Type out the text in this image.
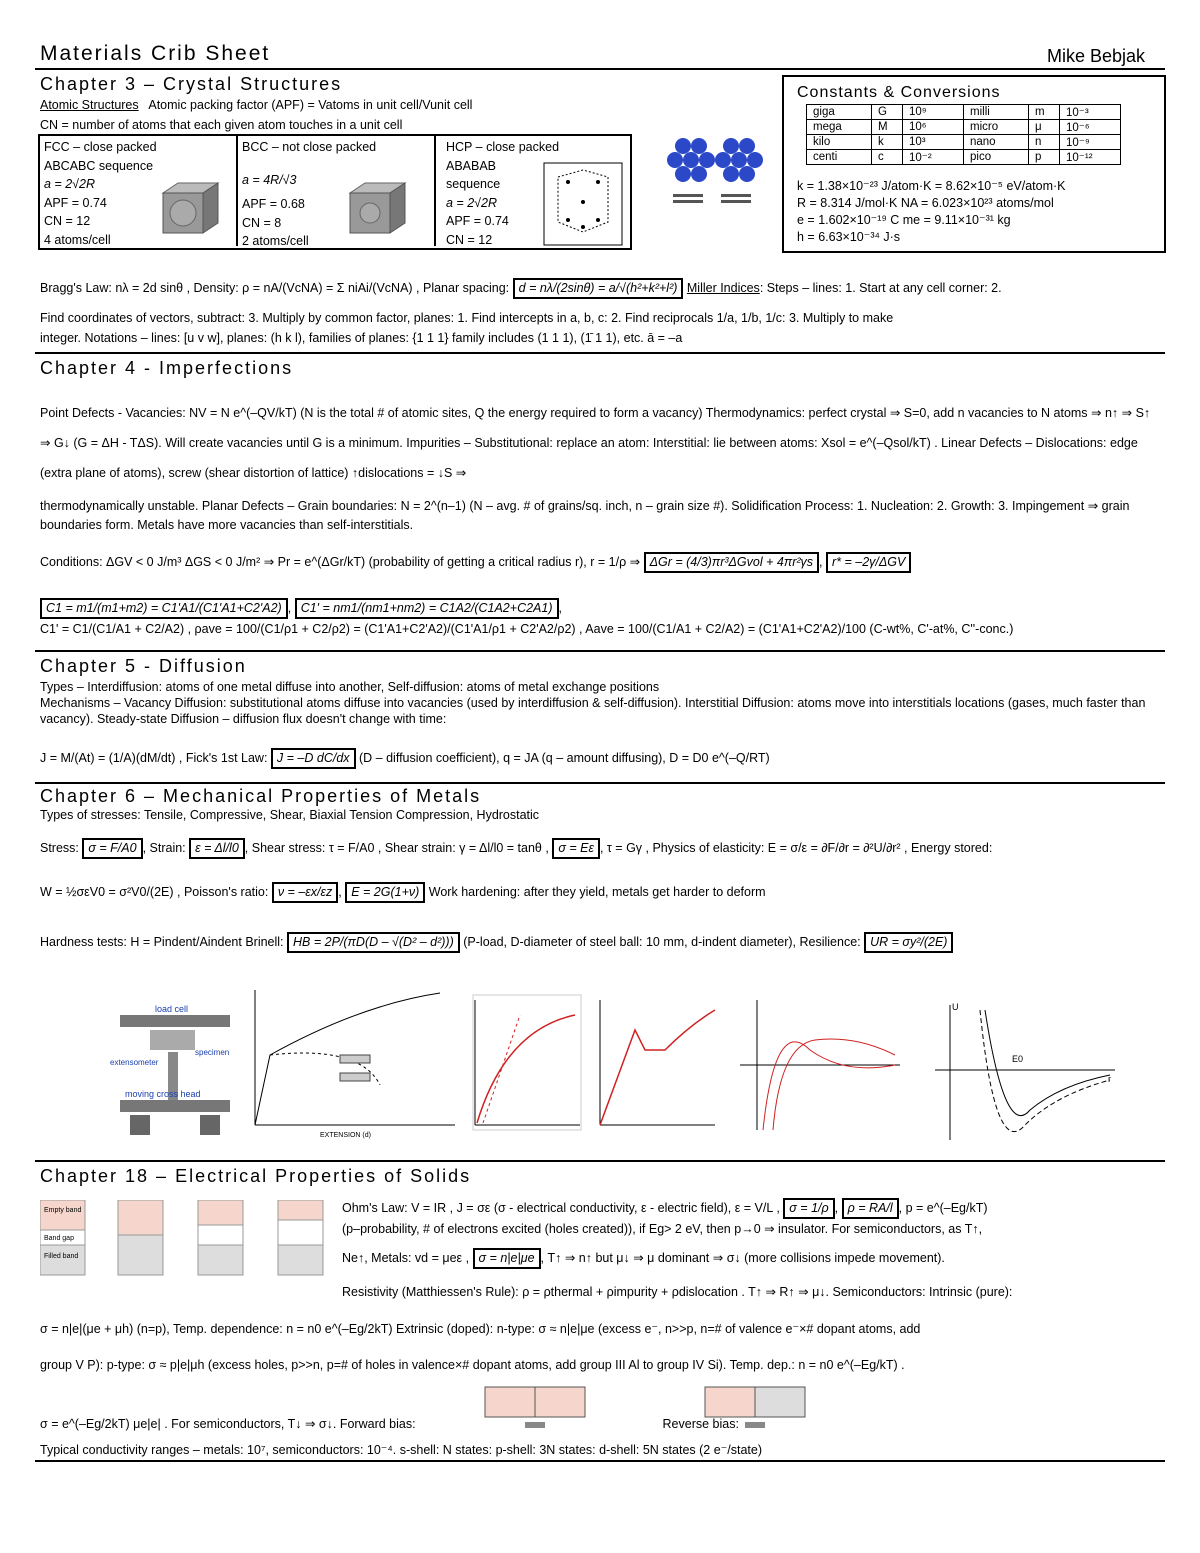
Materials Crib Sheet	Mike Bebjak
Chapter 3 – Crystal Structures
Atomic Structures Atomic packing factor (APF) = Vatoms in unit cell/Vunit cell
CN = number of atoms that each given atom touches in a unit cell
FCC – close packed
ABCABC sequence
a = 2√2R
APF = 0.74
CN = 12
4 atoms/cell
BCC – not close packed
a = 4R/√3
APF = 0.68
CN = 8
2 atoms/cell
HCP – close packed
ABABAB
sequence
a = 2√2R
APF = 0.74
CN = 12
Constants & Conversions
giga	G	10⁹	milli	m	10⁻³
mega	M	10⁶	micro	μ	10⁻⁶
kilo	k	10³	nano	n	10⁻⁹
centi	c	10⁻²	pico	p	10⁻¹²
k = 1.38×10⁻²³ J/atom·K = 8.62×10⁻⁵ eV/atom·K
R = 8.314 J/mol·K NA = 6.023×10²³ atoms/mol
e = 1.602×10⁻¹⁹ C me = 9.11×10⁻³¹ kg
h = 6.63×10⁻³⁴ J·s
Bragg's Law: nλ = 2d sinθ , Density: ρ = nA/(VcNA) = Σ niAi/(VcNA) , Planar spacing: d = nλ/(2sinθ) = a/√(h²+k²+l²) Miller Indices: Steps – lines: 1. Start at any cell corner: 2.
Find coordinates of vectors, subtract: 3. Multiply by common factor, planes: 1. Find intercepts in a, b, c: 2. Find reciprocals 1/a, 1/b, 1/c: 3. Multiply to make
integer. Notations – lines: [u v w], planes: (h k l), families of planes: {1 1 1} family includes (1 1 1), (1̄ 1 1), etc. ā = –a
Chapter 4 - Imperfections
Point Defects - Vacancies: NV = N e^(–QV/kT) (N is the total # of atomic sites, Q the energy required to form a vacancy) Thermodynamics: perfect crystal ⇒ S=0, add n vacancies to N atoms ⇒ n↑ ⇒ S↑ ⇒ G↓ (G = ΔH - TΔS). Will create vacancies until G is a minimum. Impurities – Substitutional: replace an atom: Interstitial: lie between atoms: Xsol = e^(–Qsol/kT) . Linear Defects – Dislocations: edge (extra plane of atoms), screw (shear distortion of lattice) ↑dislocations = ↓S ⇒
thermodynamically unstable. Planar Defects – Grain boundaries: N = 2^(n–1) (N – avg. # of grains/sq. inch, n – grain size #). Solidification Process: 1. Nucleation: 2. Growth: 3. Impingement ⇒ grain boundaries form. Metals have more vacancies than self-interstitials.
Conditions: ΔGV < 0 J/m³ ΔGS < 0 J/m² ⇒ Pr = e^(ΔGr/kT) (probability of getting a critical radius r), r = 1/ρ ⇒ ΔGr = (4/3)πr³ΔGvol + 4πr²γs , r* = –2γ/ΔGV
C1 = m1/(m1+m2) = C1'A1/(C1'A1+C2'A2) , C1' = nm1/(nm1+nm2) = C1A2/(C1A2+C2A1) ,
C1' = C1/(C1/A1 + C2/A2) , ρave = 100/(C1/ρ1 + C2/ρ2) = (C1'A1+C2'A2)/(C1'A1/ρ1 + C2'A2/ρ2) , Aave = 100/(C1/A1 + C2/A2) = (C1'A1+C2'A2)/100 (C-wt%, C'-at%, C''-conc.)
Chapter 5 - Diffusion
Types – Interdiffusion: atoms of one metal diffuse into another, Self-diffusion: atoms of metal exchange positions
Mechanisms – Vacancy Diffusion: substitutional atoms diffuse into vacancies (used by interdiffusion & self-diffusion). Interstitial Diffusion: atoms move into interstitials locations (gases, much faster than vacancy). Steady-state Diffusion – diffusion flux doesn't change with time:
J = M/(At) = (1/A)(dM/dt) , Fick's 1st Law: J = –D dC/dx (D – diffusion coefficient), q = JA (q – amount diffusing), D = D0 e^(–Q/RT)
Chapter 6 – Mechanical Properties of Metals
Types of stresses: Tensile, Compressive, Shear, Biaxial Tension Compression, Hydrostatic
Stress: σ = F/A0 , Strain: ε = Δl/l0 , Shear stress: τ = F/A0 , Shear strain: γ = Δl/l0 = tanθ , σ = Eε , τ = Gγ , Physics of elasticity: E = σ/ε = ∂F/∂r = ∂²U/∂r² , Energy stored:
W = ½σεV0 = σ²V0/(2E) , Poisson's ratio: ν = –εx/εz , E = 2G(1+ν) Work hardening: after they yield, metals get harder to deform
Hardness tests: H = Pindent/Aindent Brinell: HB = 2P/(πD(D – √(D² – d²))) (P-load, D-diameter of steel ball: 10 mm, d-indent diameter), Resilience: UR = σy²/(2E)
load cell
extensometer
specimen
moving cross head
EXTENSION (d)
U
r
E0
Chapter 18 – Electrical Properties of Solids
Empty band
Band gap
Filled band
Ohm's Law: V = IR , J = σε (σ - electrical conductivity, ε - electric field), ε = V/L , σ = 1/ρ , ρ = RA/l , p = e^(–Eg/kT)
(p–probability, # of electrons excited (holes created)), if Eg> 2 eV, then p→0 ⇒ insulator. For semiconductors, as T↑,
Ne↑, Metals: vd = μeε , σ = n|e|μe , T↑ ⇒ n↑ but μ↓ ⇒ μ dominant ⇒ σ↓ (more collisions impede movement).
Resistivity (Matthiessen's Rule): ρ = ρthermal + ρimpurity + ρdislocation . T↑ ⇒ R↑ ⇒ μ↓. Semiconductors: Intrinsic (pure):
σ = n|e|(μe + μh) (n=p), Temp. dependence: n = n0 e^(–Eg/2kT) Extrinsic (doped): n-type: σ ≈ n|e|μe (excess e⁻, n>>p, n=# of valence e⁻×# dopant atoms, add
group V P): p-type: σ ≈ p|e|μh (excess holes, p>>n, p=# of holes in valence×# dopant atoms, add group III Al to group IV Si). Temp. dep.: n = n0 e^(–Eg/kT) .
σ = e^(–Eg/2kT) μe|e| . For semiconductors, T↓ ⇒ σ↓. Forward bias:	Reverse bias:
Typical conductivity ranges – metals: 10⁷, semiconductors: 10⁻⁴. s-shell: N states: p-shell: 3N states: d-shell: 5N states (2 e⁻/state)
